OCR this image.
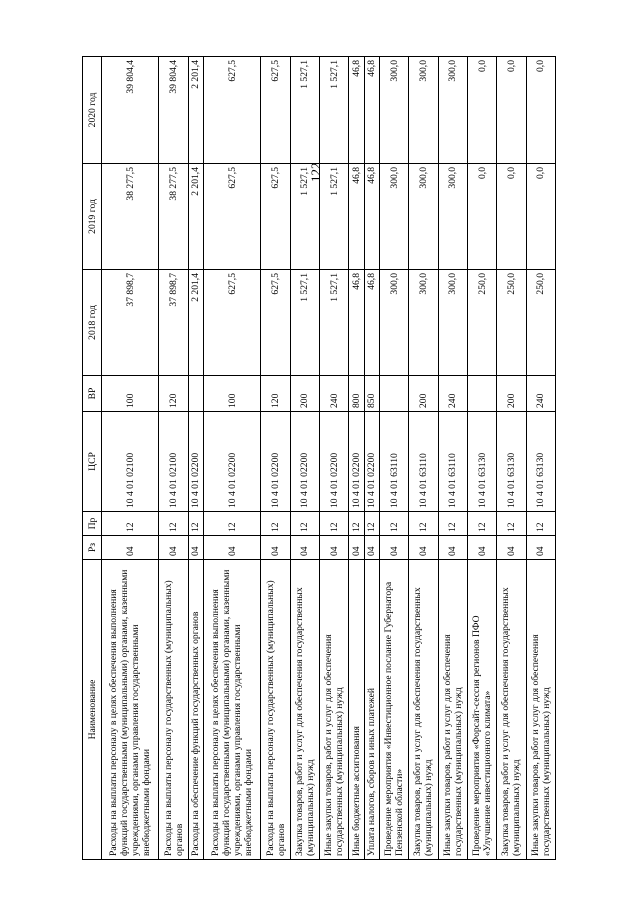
122
Наименование	Рз	Пр	ЦСР	ВР	2018 год	2019 год	2020 год
Расходы на выплаты персоналу в целях обеспечения выполнения функций государственными (муниципальными) органами, казенными учреждениями, органами управления государственными внебюджетными фондами	04	12	10 4 01 02100	100	37 898,7	38 277,5	39 804,4
Расходы на выплаты персоналу государственных (муниципальных) органов	04	12	10 4 01 02100	120	37 898,7	38 277,5	39 804,4
Расходы на обеспечение функций государственных органов	04	12	10 4 01 02200		2 201,4	2 201,4	2 201,4
Расходы на выплаты персоналу в целях обеспечения выполнения функций государственными (муниципальными) органами, казенными учреждениями, органами управления государственными внебюджетными фондами	04	12	10 4 01 02200	100	627,5	627,5	627,5
Расходы на выплаты персоналу государственных (муниципальных) органов	04	12	10 4 01 02200	120	627,5	627,5	627,5
Закупка товаров, работ и услуг для обеспечения государственных (муниципальных) нужд	04	12	10 4 01 02200	200	1 527,1	1 527,1	1 527,1
Иные закупки товаров, работ и услуг для обеспечения государственных (муниципальных) нужд	04	12	10 4 01 02200	240	1 527,1	1 527,1	1 527,1
Иные бюджетные ассигнования	04	12	10 4 01 02200	800	46,8	46,8	46,8
Уплата налогов, сборов и иных платежей	04	12	10 4 01 02200	850	46,8	46,8	46,8
Проведение мероприятия «Инвестиционное послание Губернатора Пензенской области»	04	12	10 4 01 63110		300,0	300,0	300,0
Закупка товаров, работ и услуг для обеспечения государственных (муниципальных) нужд	04	12	10 4 01 63110	200	300,0	300,0	300,0
Иные закупки товаров, работ и услуг для обеспечения государственных (муниципальных) нужд	04	12	10 4 01 63110	240	300,0	300,0	300,0
Проведение мероприятия «Форсайт-сессия регионов ПФО «Улучшение инвестиционного климата»	04	12	10 4 01 63130		250,0	0,0	0,0
Закупка товаров, работ и услуг для обеспечения государственных (муниципальных) нужд	04	12	10 4 01 63130	200	250,0	0,0	0,0
Иные закупки товаров, работ и услуг для обеспечения государственных (муниципальных) нужд	04	12	10 4 01 63130	240	250,0	0,0	0,0
